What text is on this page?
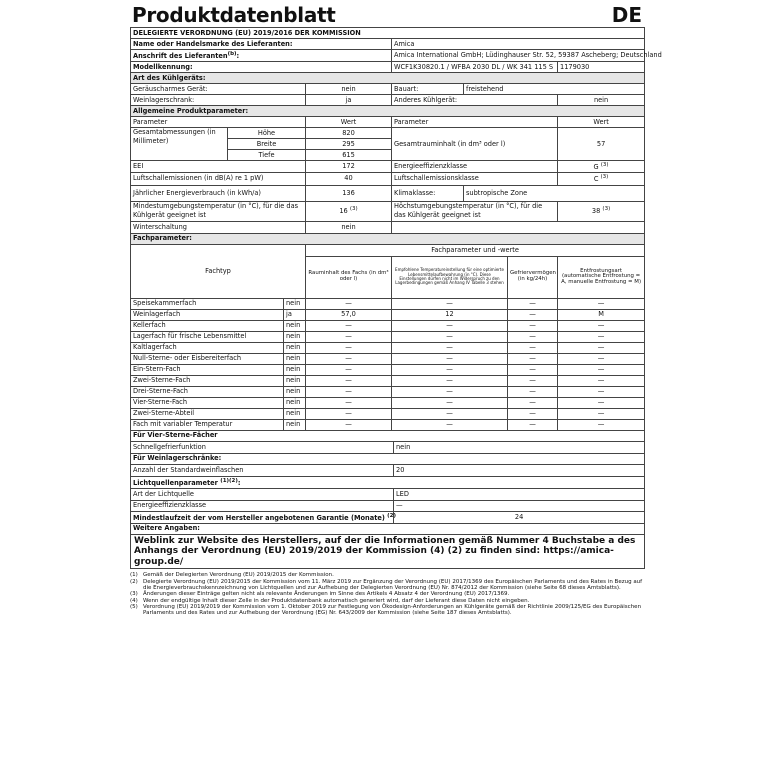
Produktdatenblatt	DE
DELEGIERTE VERORDNUNG (EU) 2019/2016 DER KOMMISSION								
Name oder Handelsmarke des Lieferanten:				Amica				
Anschrift des Lieferanten$^{(b)}$:				Amica International GmbH; Lüdinghauser Str. 52, 59387 Ascheberg; Deutschland				
Modellkennung:				WCF1K30820.1 / WFBA 2030 DL / WK 341 115 S				1179030
Art des Kühlgeräts:								
Geräuscharmes Gerät:			nein	Bauart:		freistehend		
Weinlagerschrank:			ja	Anderes Kühlgerät:				nein
Allgemeine Produktparameter:								
Parameter			Wert	Parameter				Wert
Gesamtabmessungen (in Millimeter)	Höhe		820	Gesamtrauminhalt (in dm³ oder l)				57
	Breite		295					
	Tiefe		615					
EEI			172	Energieeffizienzklasse				G $^{(3)}$
Luftschallemissionen (in dB(A) re 1 pW)			40	Luftschallemissionsklasse				C $^{(3)}$
Jährlicher Energieverbrauch (in kWh/a)			136	Klimaklasse:		subtropische Zone		
Mindestumgebungstemperatur (in °C), für die das Kühlgerät geeignet ist			16 $^{(3)}$	Höchstumgebungstemperatur (in °C), für die das Kühlgerät geeignet ist				38 $^{(3)}$
Winterschaltung			nein					
Fachparameter:								
Fachtyp			Fachparameter und -werte					
			Rauminhalt des Fachs (in dm³ oder l)	Empfohlene Temperatureinstellung für eine optimierte Lebensmittelaufbewahrung (in °C). Diese Einstellungen dürfen nicht im Widerspruch zu den Lagerbedingungen gemäß Anhang IV Tabelle 3 stehen			Gefriervermögen (in kg/24h)	Entfrostungsart (automatische Entfrostung = A, manuelle Entfrostung = M)
Speisekammerfach		nein	—	—			—	—
Weinlagerfach		ja	57,0	12			—	M
Kellerfach		nein	—	—			—	—
Lagerfach für frische Lebensmittel		nein	—	—			—	—
Kaltlagerfach		nein	—	—			—	—
Null-Sterne- oder Eisbereiterfach		nein	—	—			—	—
Ein-Stern-Fach		nein	—	—			—	—
Zwei-Sterne-Fach		nein	—	—			—	—
Drei-Sterne-Fach		nein	—	—			—	—
Vier-Sterne-Fach		nein	—	—			—	—
Zwei-Sterne-Abteil		nein	—	—			—	—
Fach mit variabler Temperatur		nein	—	—			—	—
Für Vier-Sterne-Fächer								
Schnellgefrierfunktion					nein			
Für Weinlagerschränke:								
Anzahl der Standardweinflaschen					20			
Lichtquellenparameter $^{(1)(2)}$:								
Art der Lichtquelle					LED			
Energieeffizienzklasse					—			
Mindestlaufzeit der vom Hersteller angebotenen Garantie (Monate) $^{(2)}$					24			
Weitere Angaben:								
Weblink zur Website des Herstellers, auf der die Informationen gemäß Nummer 4 Buchstabe a des Anhangs der Verordnung (EU) 2019/2019 der Kommission (4) (2) zu finden sind: https://amica-group.de/								
(1) Gemäß der Delegierten Verordnung (EU) 2019/2015 der Kommission.
(2) Delegierte Verordnung (EU) 2019/2015 der Kommission vom 11. März 2019 zur Ergänzung der Verordnung (EU) 2017/1369 des Europäischen Parlaments und des Rates in Bezug auf die Energieverbrauchskennzeichnung von Lichtquellen und zur Aufhebung der Delegierten Verordnung (EU) Nr. 874/2012 der Kommission (siehe Seite 68 dieses Amtsblatts).
(3) Änderungen dieser Einträge gelten nicht als relevante Änderungen im Sinne des Artikels 4 Absatz 4 der Verordnung (EU) 2017/1369.
(4) Wenn der endgültige Inhalt dieser Zelle in der Produktdatenbank automatisch generiert wird, darf der Lieferant diese Daten nicht eingeben.
(5) Verordnung (EU) 2019/2019 der Kommission vom 1. Oktober 2019 zur Festlegung von Ökodesign-Anforderungen an Kühlgeräte gemäß der Richtlinie 2009/125/EG des Europäischen Parlaments und des Rates und zur Aufhebung der Verordnung (EG) Nr. 643/2009 der Kommission (siehe Seite 187 dieses Amtsblatts).
